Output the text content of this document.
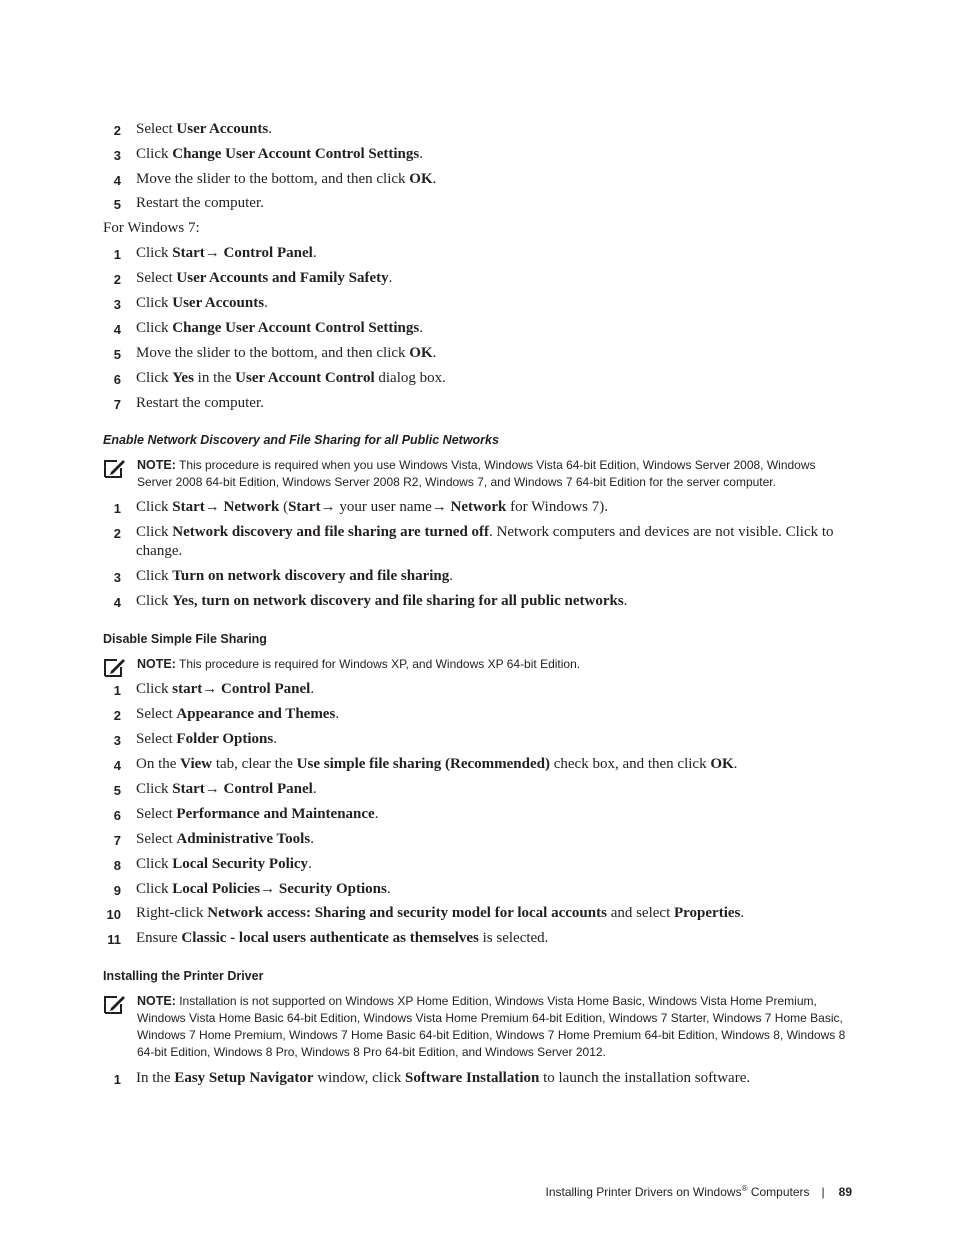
2 Select User Accounts.
3 Click Change User Account Control Settings.
4 Move the slider to the bottom, and then click OK.
5 Restart the computer.
For Windows 7:
1 Click Start→ Control Panel.
2 Select User Accounts and Family Safety.
3 Click User Accounts.
4 Click Change User Account Control Settings.
5 Move the slider to the bottom, and then click OK.
6 Click Yes in the User Account Control dialog box.
7 Restart the computer.
Enable Network Discovery and File Sharing for all Public Networks
NOTE: This procedure is required when you use Windows Vista, Windows Vista 64-bit Edition, Windows Server 2008, Windows Server 2008 64-bit Edition, Windows Server 2008 R2, Windows 7, and Windows 7 64-bit Edition for the server computer.
1 Click Start→ Network (Start→ your user name→ Network for Windows 7).
2 Click Network discovery and file sharing are turned off. Network computers and devices are not visible. Click to change.
3 Click Turn on network discovery and file sharing.
4 Click Yes, turn on network discovery and file sharing for all public networks.
Disable Simple File Sharing
NOTE: This procedure is required for Windows XP, and Windows XP 64-bit Edition.
1 Click start→ Control Panel.
2 Select Appearance and Themes.
3 Select Folder Options.
4 On the View tab, clear the Use simple file sharing (Recommended) check box, and then click OK.
5 Click Start→ Control Panel.
6 Select Performance and Maintenance.
7 Select Administrative Tools.
8 Click Local Security Policy.
9 Click Local Policies→ Security Options.
10 Right-click Network access: Sharing and security model for local accounts and select Properties.
11 Ensure Classic - local users authenticate as themselves is selected.
Installing the Printer Driver
NOTE: Installation is not supported on Windows XP Home Edition, Windows Vista Home Basic, Windows Vista Home Premium, Windows Vista Home Basic 64-bit Edition, Windows Vista Home Premium 64-bit Edition, Windows 7 Starter, Windows 7 Home Basic, Windows 7 Home Premium, Windows 7 Home Basic 64-bit Edition, Windows 7 Home Premium 64-bit Edition, Windows 8, Windows 8 64-bit Edition, Windows 8 Pro, Windows 8 Pro 64-bit Edition, and Windows Server 2012.
1 In the Easy Setup Navigator window, click Software Installation to launch the installation software.
Installing Printer Drivers on Windows® Computers | 89
